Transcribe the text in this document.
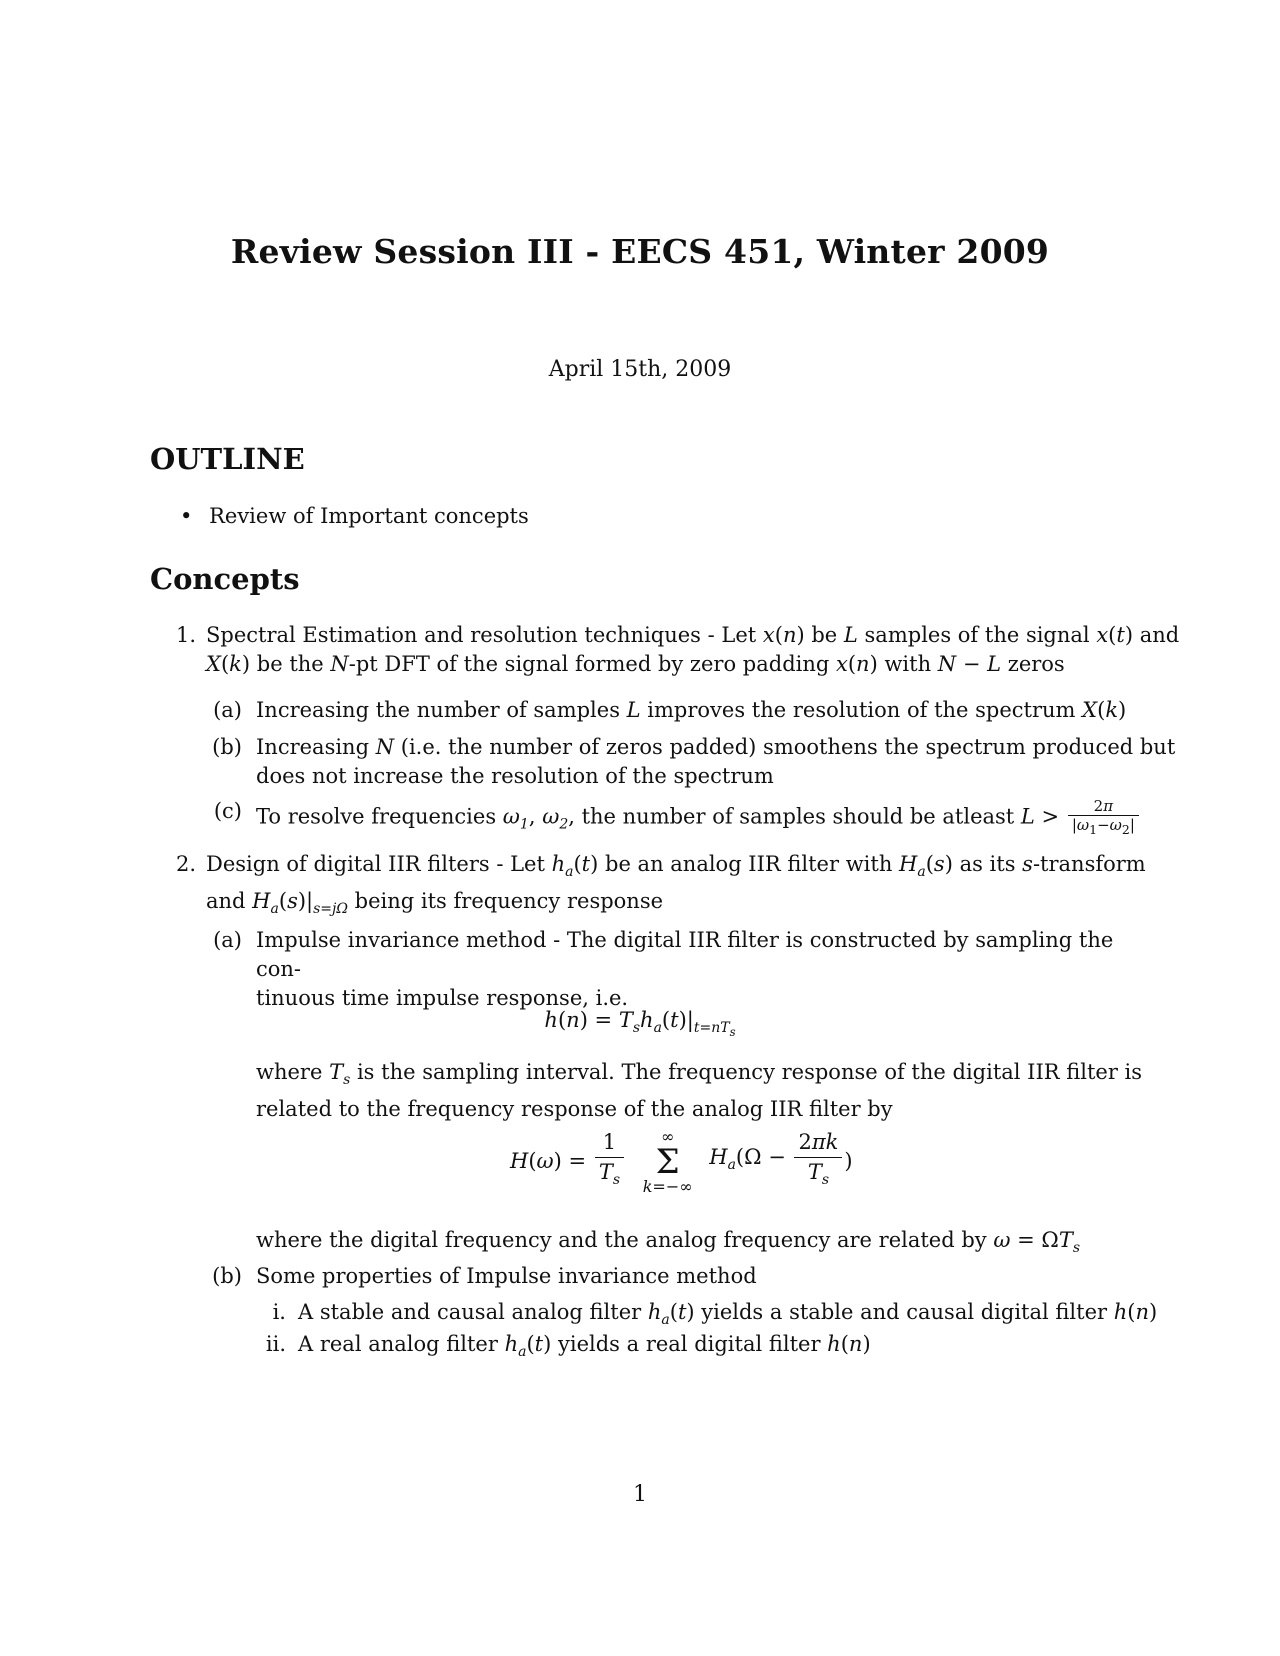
Review Session III - EECS 451, Winter 2009
April 15th, 2009
OUTLINE
• Review of Important concepts
Concepts
1. Spectral Estimation and resolution techniques - Let x(n) be L samples of the signal x(t) and
X(k) be the N-pt DFT of the signal formed by zero padding x(n) with N − L zeros
(a) Increasing the number of samples L improves the resolution of the spectrum X(k)
(b) Increasing N (i.e. the number of zeros padded) smoothens the spectrum produced but
does not increase the resolution of the spectrum
(c) To resolve frequencies $\omega_1$, $\omega_2$, the number of samples should be atleast $L > \frac{2\pi}{|\omega_1-\omega_2|}$
2. Design of digital IIR filters - Let $h_a(t)$ be an analog IIR filter with $H_a(s)$ as its s-transform
and $H_a(s)|_{s=j\Omega}$ being its frequency response
(a) Impulse invariance method - The digital IIR filter is constructed by sampling the con-
tinuous time impulse response, i.e.
$h(n) = T_sh_a(t)|_{t=nT_s}$
where $T_s$ is the sampling interval. The frequency response of the digital IIR filter is
related to the frequency response of the analog IIR filter by
$H(\omega) = \frac{1}{T_s}$
	∞
Σ
k=−∞
$H_a(\Omega - \frac{2\pi k}{T_s}$ )
where the digital frequency and the analog frequency are related by $\omega = \Omega T_s$
(b) Some properties of Impulse invariance method
i. A stable and causal analog filter $h_a(t)$ yields a stable and causal digital filter h(n)
ii. A real analog filter $h_a(t)$ yields a real digital filter h(n)
1
